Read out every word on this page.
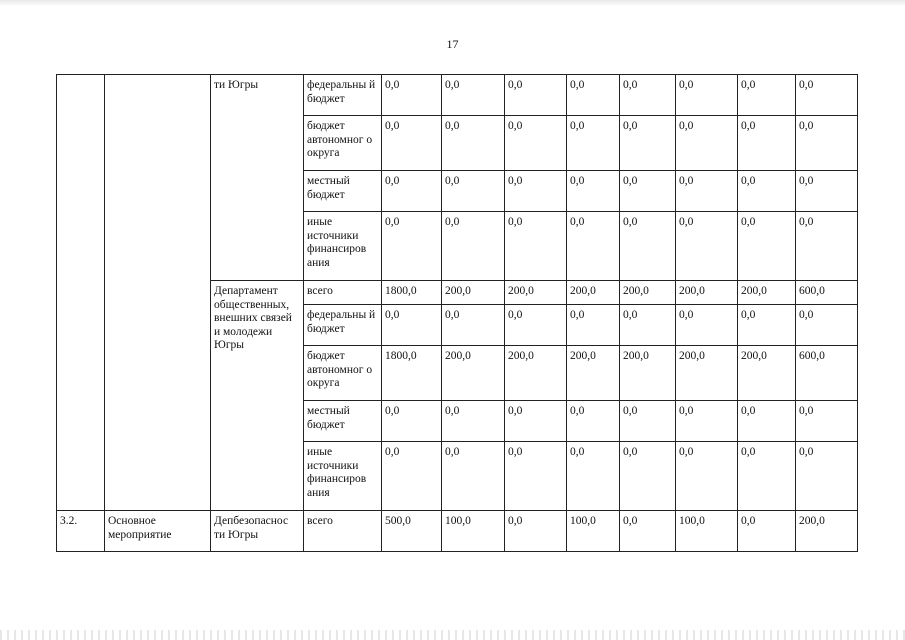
17
		ти Югры	федеральны й бюджет	0,0	0,0	0,0	0,0	0,0	0,0	0,0	0,0
			бюджет автономног о округа	0,0	0,0	0,0	0,0	0,0	0,0	0,0	0,0
			местный бюджет	0,0	0,0	0,0	0,0	0,0	0,0	0,0	0,0
			иные источники финансиров ания	0,0	0,0	0,0	0,0	0,0	0,0	0,0	0,0
		Департамент общественных, внешних связей и молодежи Югры	всего	1800,0	200,0	200,0	200,0	200,0	200,0	200,0	600,0
			федеральны й бюджет	0,0	0,0	0,0	0,0	0,0	0,0	0,0	0,0
			бюджет автономног о округа	1800,0	200,0	200,0	200,0	200,0	200,0	200,0	600,0
			местный бюджет	0,0	0,0	0,0	0,0	0,0	0,0	0,0	0,0
			иные источники финансиров ания	0,0	0,0	0,0	0,0	0,0	0,0	0,0	0,0
3.2.	Основное мероприятие	Депбезопаснос ти Югры	всего	500,0	100,0	0,0	100,0	0,0	100,0	0,0	200,0
